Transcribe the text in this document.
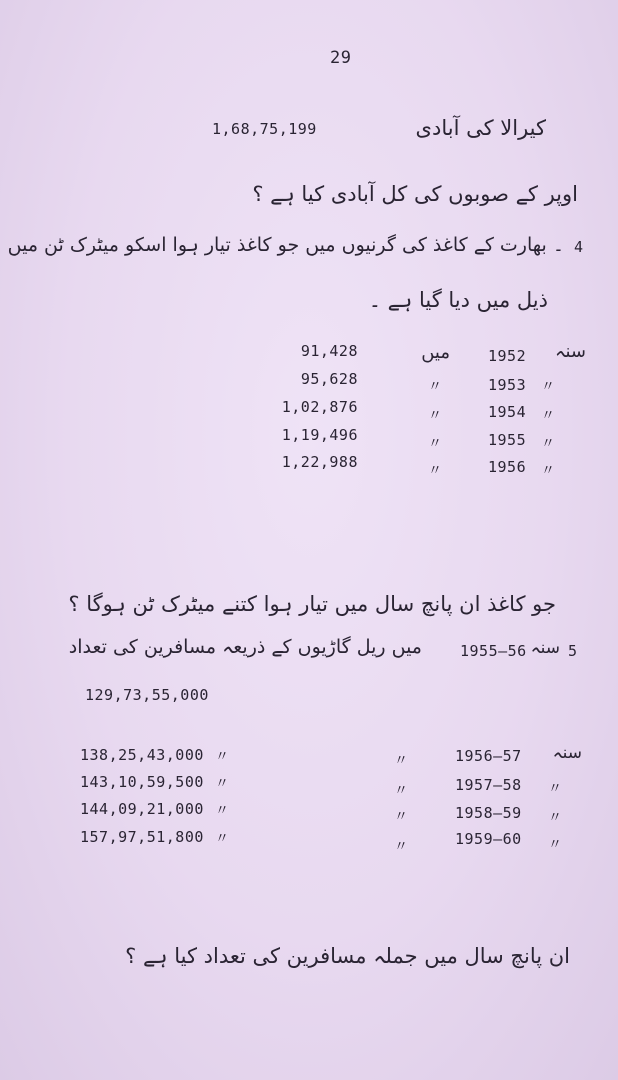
29
1,68,75,199	کیرالا کی آبادی
اوپر کے صوبوں کی کل آبادی کیا ہے ؟
4
۔ بھارت کے کاغذ کی گرنیوں میں جو کاغذ تیار ہوا اسکو میٹرک ٹن میں
ذیل میں دیا گیا ہے ۔
سنہ
1952
میں
91,428
〃
1953
〃
95,628
〃
1954
〃
1,02,876
〃
1955
〃
1,19,496
〃
1956
〃
1,22,988
جو کاغذ ان پانچ سال میں تیار ہوا کتنے میٹرک ٹن ہوگا ؟
5
سنہ
1955–56
میں ریل گاڑیوں کے ذریعہ مسافرین کی تعداد
129,73,55,000
سنہ
1956–57
〃
138,25,43,000 〃
〃
1957–58
〃
143,10,59,500 〃
〃
1958–59
〃
144,09,21,000 〃
〃
1959–60
〃
157,97,51,800 〃
ان پانچ سال میں جملہ مسافرین کی تعداد کیا ہے ؟
